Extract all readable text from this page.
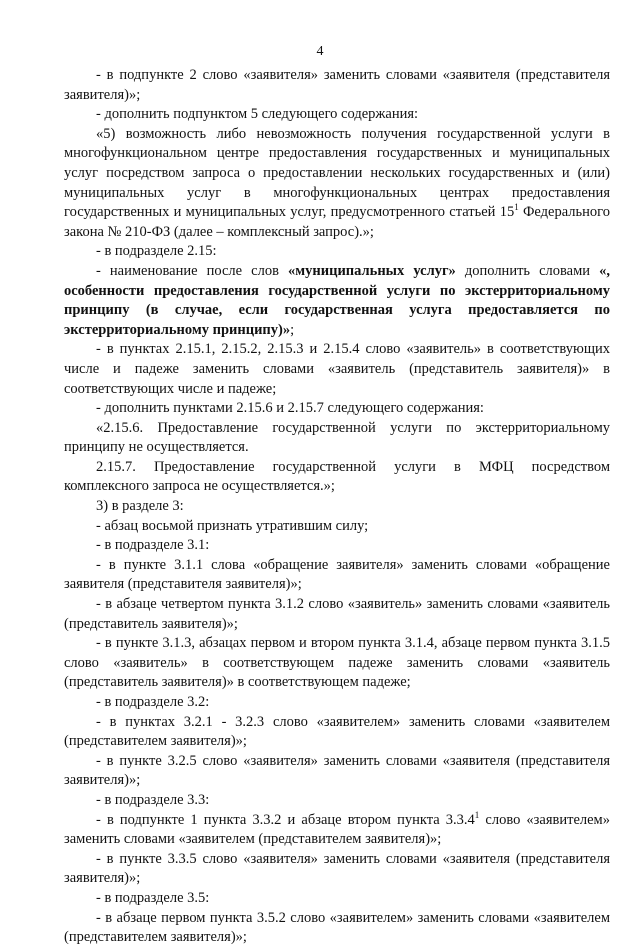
4

- в подпункте 2 слово «заявителя» заменить словами «заявителя (представителя заявителя)»;

- дополнить подпунктом 5 следующего содержания:

«5) возможность либо невозможность получения государственной услуги в многофункциональном центре предоставления государственных и муниципальных услуг посредством запроса о предоставлении нескольких государственных и (или) муниципальных услуг в многофункциональных центрах предоставления государственных и муниципальных услуг, предусмотренного статьей $15^1$ Федерального закона № 210-ФЗ (далее – комплексный запрос).»;

- в подразделе 2.15:

- наименование после слов «муниципальных услуг» дополнить словами «, особенности предоставления государственной услуги по экстерриториальному принципу (в случае, если государственная услуга предоставляется по экстерриториальному принципу)»;

- в пунктах 2.15.1, 2.15.2, 2.15.3 и 2.15.4 слово «заявитель» в соответствующих числе и падеже заменить словами «заявитель (представитель заявителя)» в соответствующих числе и падеже;

- дополнить пунктами 2.15.6 и 2.15.7 следующего содержания:

«2.15.6. Предоставление государственной услуги по экстерриториальному принципу не осуществляется.

2.15.7. Предоставление государственной услуги в МФЦ посредством комплексного запроса не осуществляется.»;

3) в разделе 3:

- абзац восьмой признать утратившим силу;

- в подразделе 3.1:

- в пункте 3.1.1 слова «обращение заявителя» заменить словами «обращение заявителя (представителя заявителя)»;

- в абзаце четвертом пункта 3.1.2 слово «заявитель» заменить словами «заявитель (представитель заявителя)»;

- в пункте 3.1.3, абзацах первом и втором пункта 3.1.4, абзаце первом пункта 3.1.5 слово «заявитель» в соответствующем падеже заменить словами «заявитель (представитель заявителя)» в соответствующем падеже;

- в подразделе 3.2:

- в пунктах 3.2.1 - 3.2.3 слово «заявителем» заменить словами «заявителем (представителем заявителя)»;

- в пункте 3.2.5 слово «заявителя» заменить словами «заявителя (представителя заявителя)»;

- в подразделе 3.3:

- в подпункте 1 пункта 3.3.2 и абзаце втором пункта 3.3.4$^1$ слово «заявителем» заменить словами «заявителем (представителем заявителя)»;

- в пункте 3.3.5 слово «заявителя» заменить словами «заявителя (представителя заявителя)»;

- в подразделе 3.5:

- в абзаце первом пункта 3.5.2 слово «заявителем» заменить словами «заявителем (представителем заявителя)»;
